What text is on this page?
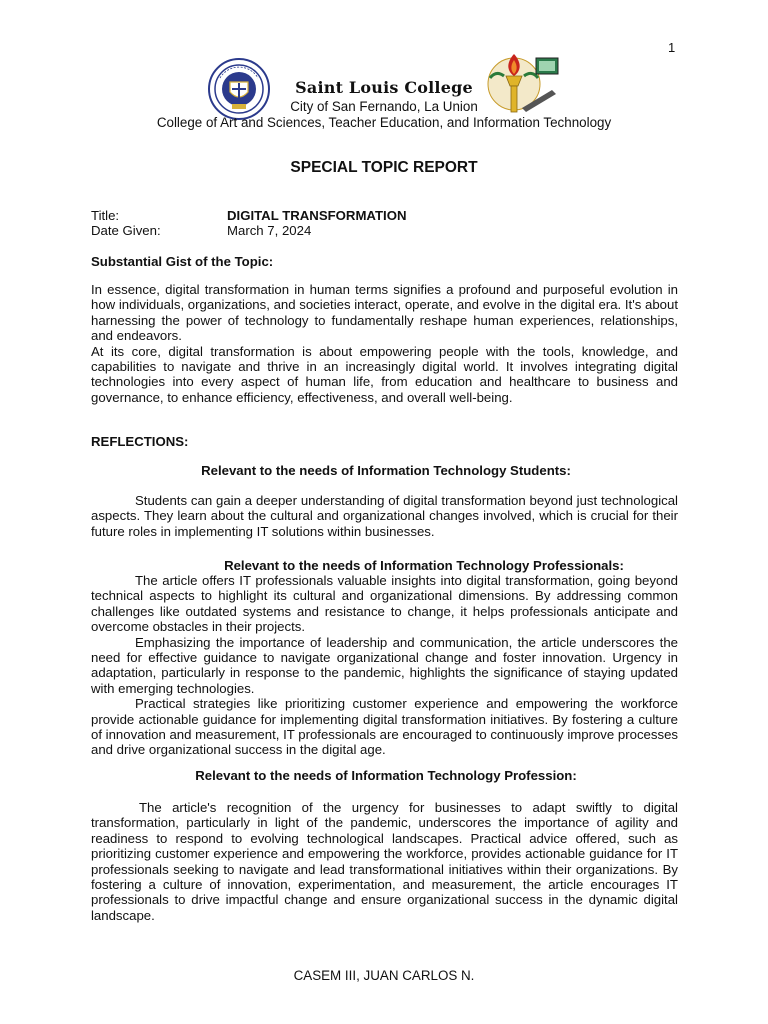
1
Saint Louis College
City of San Fernando, La Union
College of Art and Sciences, Teacher Education, and Information Technology
SPECIAL TOPIC REPORT
Title:	DIGITAL TRANSFORMATION
Date Given:	March 7, 2024
Substantial Gist of the Topic:

In essence, digital transformation in human terms signifies a profound and purposeful evolution in how individuals, organizations, and societies interact, operate, and evolve in the digital era. It's about harnessing the power of technology to fundamentally reshape human experiences, relationships, and endeavors.

At its core, digital transformation is about empowering people with the tools, knowledge, and capabilities to navigate and thrive in an increasingly digital world. It involves integrating digital technologies into every aspect of human life, from education and healthcare to business and governance, to enhance efficiency, effectiveness, and overall well-being.

REFLECTIONS:
Relevant to the needs of Information Technology Students:

Students can gain a deeper understanding of digital transformation beyond just technological aspects. They learn about the cultural and organizational changes involved, which is crucial for their future roles in implementing IT solutions within businesses.

Relevant to the needs of Information Technology Professionals:

The article offers IT professionals valuable insights into digital transformation, going beyond technical aspects to highlight its cultural and organizational dimensions. By addressing common challenges like outdated systems and resistance to change, it helps professionals anticipate and overcome obstacles in their projects.

Emphasizing the importance of leadership and communication, the article underscores the need for effective guidance to navigate organizational change and foster innovation. Urgency in adaptation, particularly in response to the pandemic, highlights the significance of staying updated with emerging technologies.

Practical strategies like prioritizing customer experience and empowering the workforce provide actionable guidance for implementing digital transformation initiatives. By fostering a culture of innovation and measurement, IT professionals are encouraged to continuously improve processes and drive organizational success in the digital age.

Relevant to the needs of Information Technology Profession:

The article's recognition of the urgency for businesses to adapt swiftly to digital transformation, particularly in light of the pandemic, underscores the importance of agility and readiness to respond to evolving technological landscapes. Practical advice offered, such as prioritizing customer experience and empowering the workforce, provides actionable guidance for IT professionals seeking to navigate and lead transformational initiatives within their organizations. By fostering a culture of innovation, experimentation, and measurement, the article encourages IT professionals to drive impactful change and ensure organizational success in the dynamic digital landscape.

CASEM III, JUAN CARLOS N.
